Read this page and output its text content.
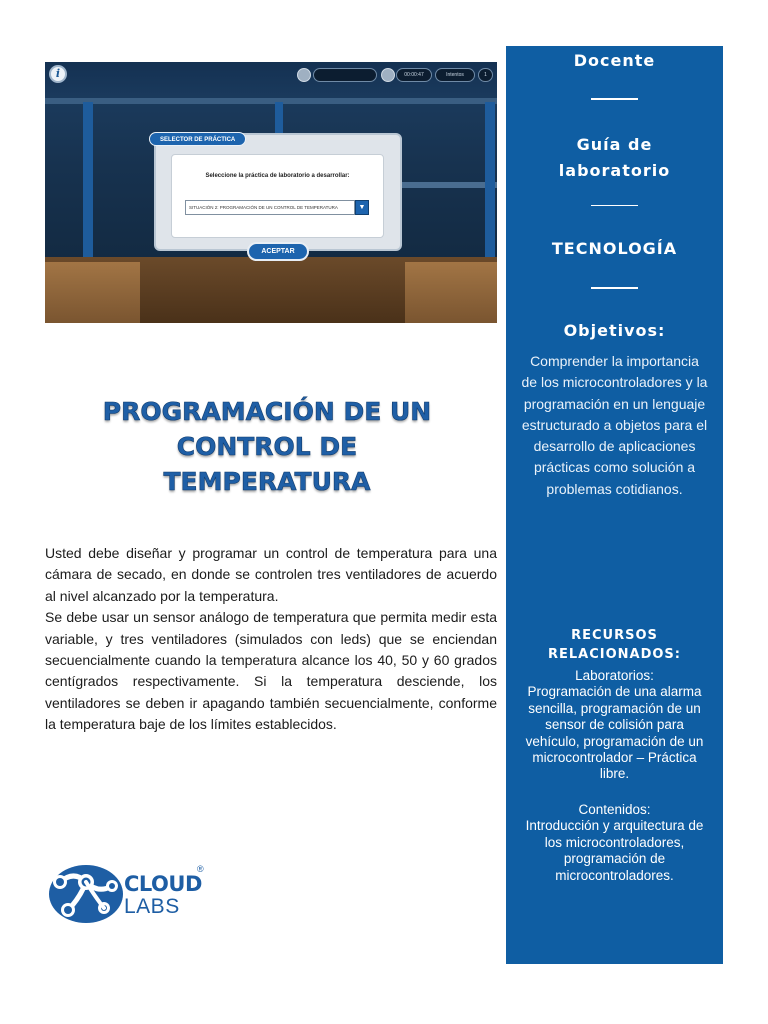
i	00:00:47	Intentos	1
SELECTOR DE PRÁCTICA
Seleccione la práctica de laboratorio a desarrollar:
SITUACIÓN 2: PROGRAMACIÓN DE UN CONTROL DE TEMPERATURA	▼
ACEPTAR
PROGRAMACIÓN DE UN
CONTROL DE
TEMPERATURA

Usted debe diseñar y programar un control de temperatura para una cámara de secado, en donde se controlen tres ventiladores de acuerdo al nivel alcanzado por la temperatura.

Se debe usar un sensor análogo de temperatura que permita medir esta variable, y tres ventiladores (simulados con leds) que se enciendan secuencialmente cuando la temperatura alcance los 40, 50 y 60 grados centígrados respectivamente. Si la temperatura desciende, los ventiladores se deben ir apagando también secuencialmente, conforme la temperatura baje de los límites establecidos.

CLOUD
LABS
®
Docente
Guía de
laboratorio
TECNOLOGÍA
Objetivos:
Comprender la importancia de los microcontroladores y la programación en un lenguaje estructurado a objetos para el desarrollo de aplicaciones prácticas como solución a problemas cotidianos.
RECURSOS
RELACIONADOS:
Laboratorios:
Programación de una alarma sencilla, programación de un sensor de colisión para vehículo, programación de un microcontrolador – Práctica libre.
Contenidos:
Introducción y arquitectura de los microcontroladores, programación de microcontroladores.
